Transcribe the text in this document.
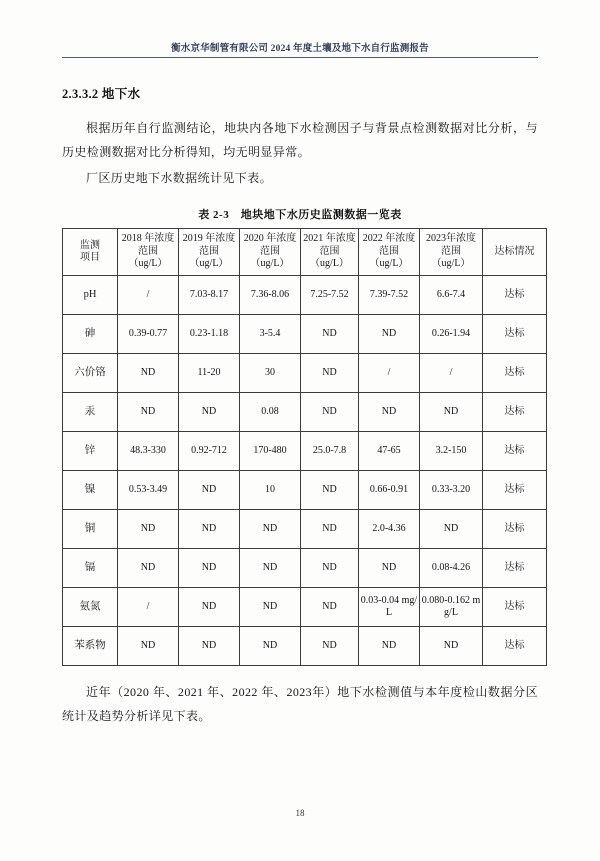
衡水京华制管有限公司 2024 年度土壤及地下水自行监测报告
2.3.3.2 地下水

根据历年自行监测结论，地块内各地下水检测因子与背景点检测数据对比分析，与历史检测数据对比分析得知，均无明显异常。

厂区历史地下水数据统计见下表。

表 2-3　地块地下水历史监测数据一览表
监测
项目	2018 年浓度
范围
（ug/L）	2019 年浓度
范围
（ug/L）	2020 年浓度
范围
（ug/L）	2021 年浓度
范围
（ug/L）	2022 年浓度
范围
（ug/L）	2023年浓度
范围
（ug/L）	达标情况

pH	/	7.03-8.17	7.36-8.06	7.25-7.52	7.39-7.52	6.6-7.4	达标
砷	0.39-0.77	0.23-1.18	3-5.4	ND	ND	0.26-1.94	达标
六价铬	ND	11-20	30	ND	/	/	达标
汞	ND	ND	0.08	ND	ND	ND	达标
锌	48.3-330	0.92-712	170-480	25.0-7.8	47-65	3.2-150	达标
镍	0.53-3.49	ND	10	ND	0.66-0.91	0.33-3.20	达标
铜	ND	ND	ND	ND	2.0-4.36	ND	达标
镉	ND	ND	ND	ND	ND	0.08-4.26	达标
氨氮	/	ND	ND	ND	0.03-0.04 mg/L	0.080-0.162 mg/L	达标
苯系物	ND	ND	ND	ND	ND	ND	达标

近年（2020 年、2021 年、2022 年、2023年）地下水检测值与本年度检山数据分区统计及趋势分析详见下表。

18
